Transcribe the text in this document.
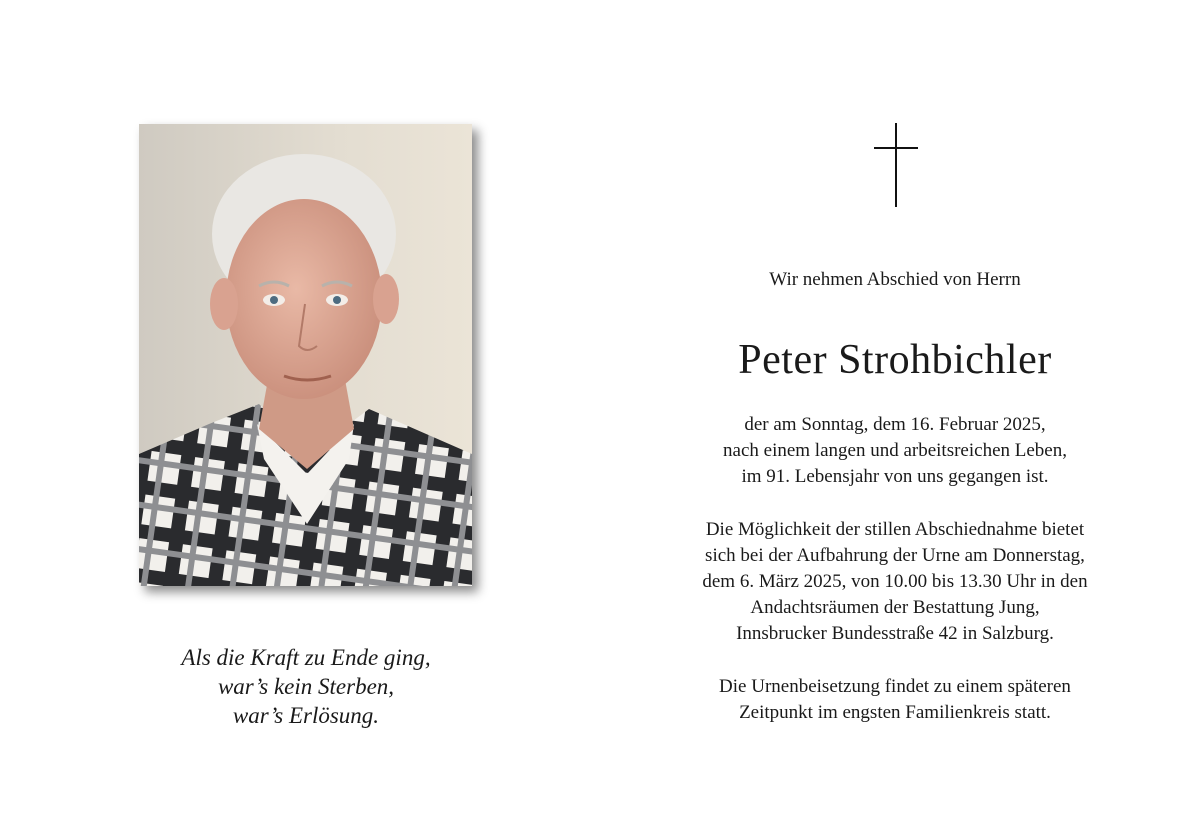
Als die Kraft zu Ende ging,
war’s kein Sterben,
war’s Erlösung.
Wir nehmen Abschied von Herrn
Peter Strohbichler
der am Sonntag, dem 16. Februar 2025,
nach einem langen und arbeitsreichen Leben,
im 91. Lebensjahr von uns gegangen ist.
Die Möglichkeit der stillen Abschiednahme bietet
sich bei der Aufbahrung der Urne am Donnerstag,
dem 6. März 2025, von 10.00 bis 13.30 Uhr in den
Andachtsräumen der Bestattung Jung,
Innsbrucker Bundesstraße 42 in Salzburg.
Die Urnenbeisetzung findet zu einem späteren
Zeitpunkt im engsten Familienkreis statt.
